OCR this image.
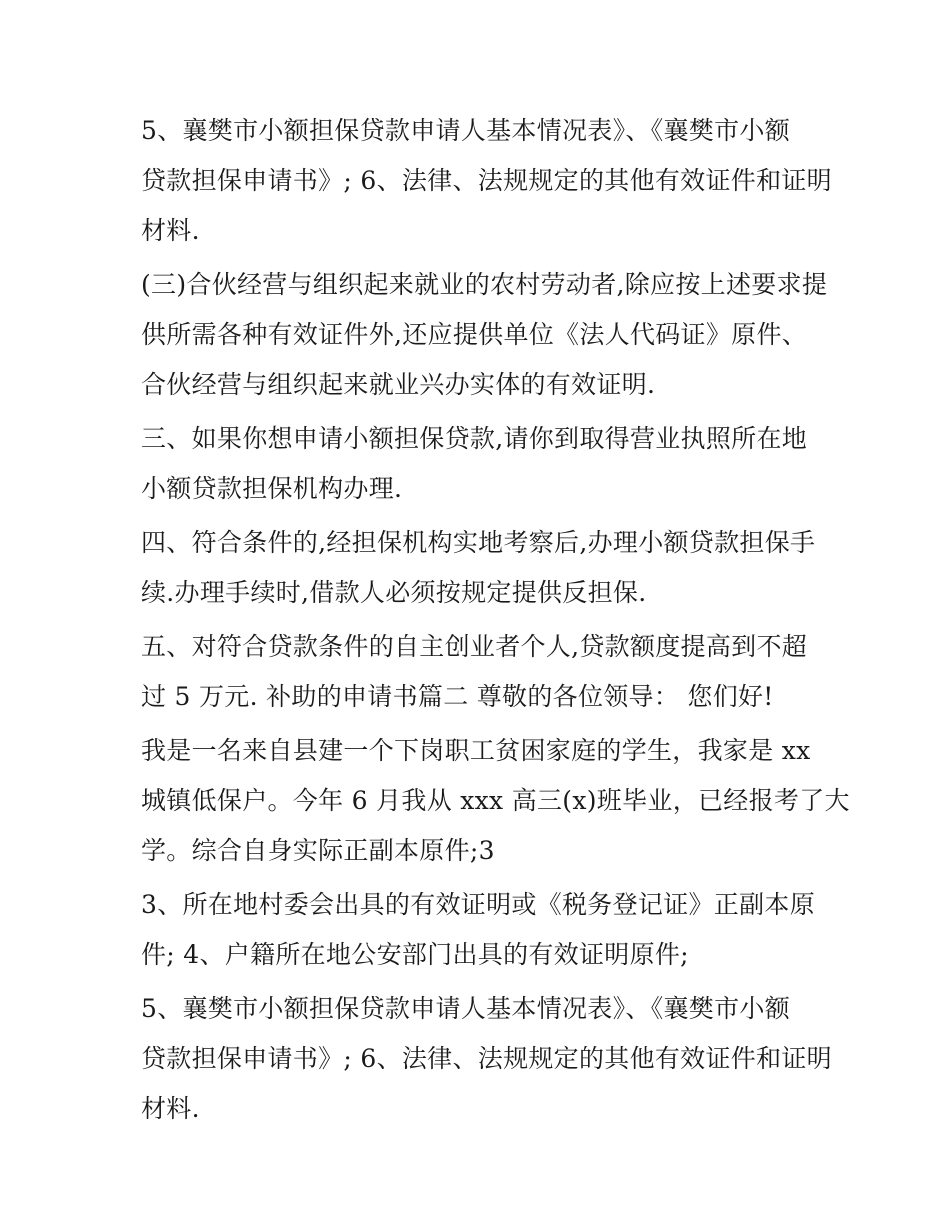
5、襄樊市小额担保贷款申请人基本情况表》、《襄樊市小额
贷款担保申请书》; 6、法律、法规规定的其他有效证件和证明
材料.

(三)合伙经营与组织起来就业的农村劳动者,除应按上述要求提
供所需各种有效证件外,还应提供单位《法人代码证》原件、
合伙经营与组织起来就业兴办实体的有效证明.

三、如果你想申请小额担保贷款,请你到取得营业执照所在地
小额贷款担保机构办理.

四、符合条件的,经担保机构实地考察后,办理小额贷款担保手
续.办理手续时,借款人必须按规定提供反担保.

五、对符合贷款条件的自主创业者个人,贷款额度提高到不超
过 5 万元. 补助的申请书篇二 尊敬的各位领导： 您们好!

我是一名来自县建一个下岗职工贫困家庭的学生，我家是 xx
城镇低保户。今年 6 月我从 xxx 高三(x)班毕业，已经报考了大
学。综合自身实际正副本原件;3

3、所在地村委会出具的有效证明或《税务登记证》正副本原
件; 4、户籍所在地公安部门出具的有效证明原件;

5、襄樊市小额担保贷款申请人基本情况表》、《襄樊市小额
贷款担保申请书》; 6、法律、法规规定的其他有效证件和证明
材料.
